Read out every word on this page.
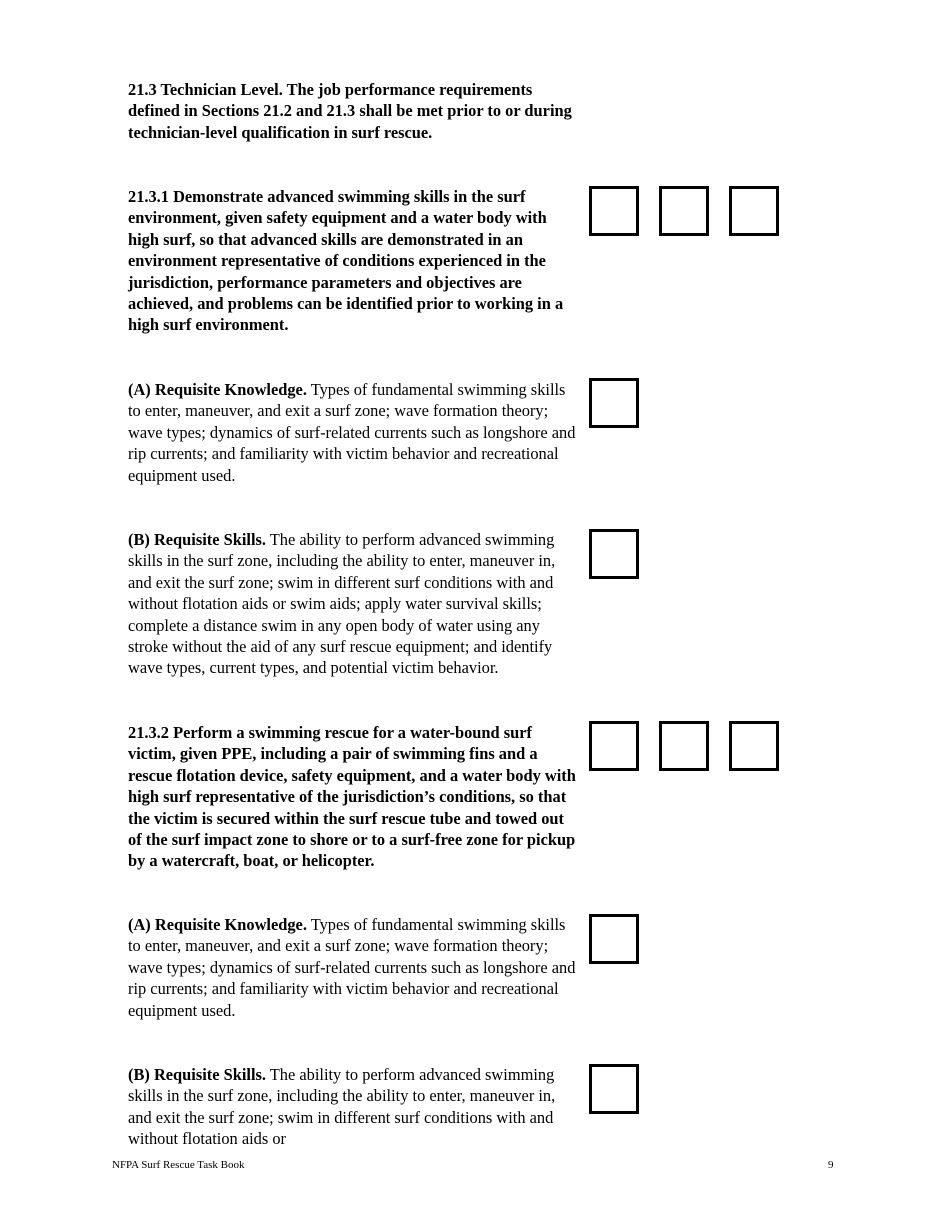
21.3 Technician Level. The job performance requirements defined in Sections 21.2 and 21.3 shall be met prior to or during technician-level qualification in surf rescue.

21.3.1 Demonstrate advanced swimming skills in the surf environment, given safety equipment and a water body with high surf, so that advanced skills are demonstrated in an environment representative of conditions experienced in the jurisdiction, performance parameters and objectives are achieved, and problems can be identified prior to working in a high surf environment.

(A) Requisite Knowledge. Types of fundamental swimming skills to enter, maneuver, and exit a surf zone; wave formation theory; wave types; dynamics of surf-related currents such as longshore and rip currents; and familiarity with victim behavior and recreational equipment used.

(B) Requisite Skills. The ability to perform advanced swimming skills in the surf zone, including the ability to enter, maneuver in, and exit the surf zone; swim in different surf conditions with and without flotation aids or swim aids; apply water survival skills; complete a distance swim in any open body of water using any stroke without the aid of any surf rescue equipment; and identify wave types, current types, and potential victim behavior.

21.3.2 Perform a swimming rescue for a water-bound surf victim, given PPE, including a pair of swimming fins and a rescue flotation device, safety equipment, and a water body with high surf representative of the jurisdiction’s conditions, so that the victim is secured within the surf rescue tube and towed out of the surf impact zone to shore or to a surf-free zone for pickup by a watercraft, boat, or helicopter.

(A) Requisite Knowledge. Types of fundamental swimming skills to enter, maneuver, and exit a surf zone; wave formation theory; wave types; dynamics of surf-related currents such as longshore and rip currents; and familiarity with victim behavior and recreational equipment used.

(B) Requisite Skills. The ability to perform advanced swimming skills in the surf zone, including the ability to enter, maneuver in, and exit the surf zone; swim in different surf conditions with and without flotation aids or

NFPA Surf Rescue Task Book	9
